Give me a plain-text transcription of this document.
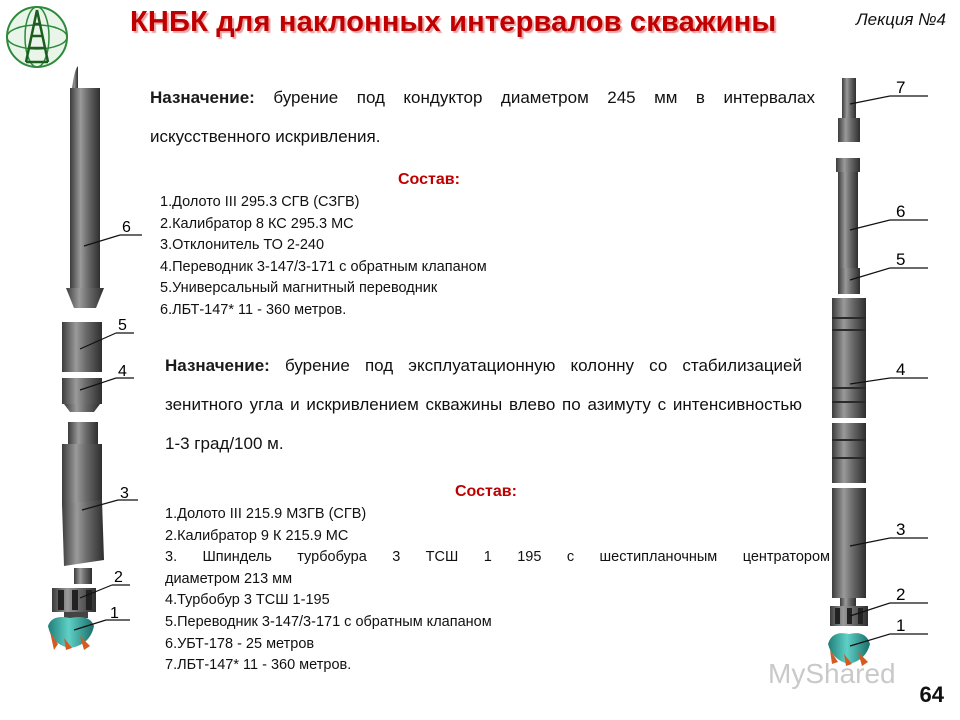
КНБК для наклонных интервалов скважины	Лекция №4
Назначение: бурение под кондуктор диаметром 245 мм в интервалах искусственного искривления.
Состав:
1.Долото III 295.3 СГВ (СЗГВ)
2.Калибратор 8 КС 295.3 МС
3.Отклонитель ТО 2-240
4.Переводник 3-147/3-171 с обратным клапаном
5.Универсальный магнитный переводник
6.ЛБТ-147* 11 - 360 метров.
Назначение: бурение под эксплуатационную колонну со стабилизацией зенитного угла и искривлением скважины влево по азимуту с интенсивностью 1-3 град/100 м.
Состав:
1.Долото III 215.9 МЗГВ (СГВ)
2.Калибратор 9 К 215.9 МС
3. Шпиндель турбобура 3 ТСШ 1 195 с шестипланочным центратором
диаметром 213 мм
4.Турбобур 3 ТСШ 1-195
5.Переводник 3-147/3-171 с обратным клапаном
6.УБТ-178 - 25 метров
7.ЛБТ-147* 11 - 360 метров.
6
5
4
3
2
1
7
6
5
4
3
2
1
MyShared
64
